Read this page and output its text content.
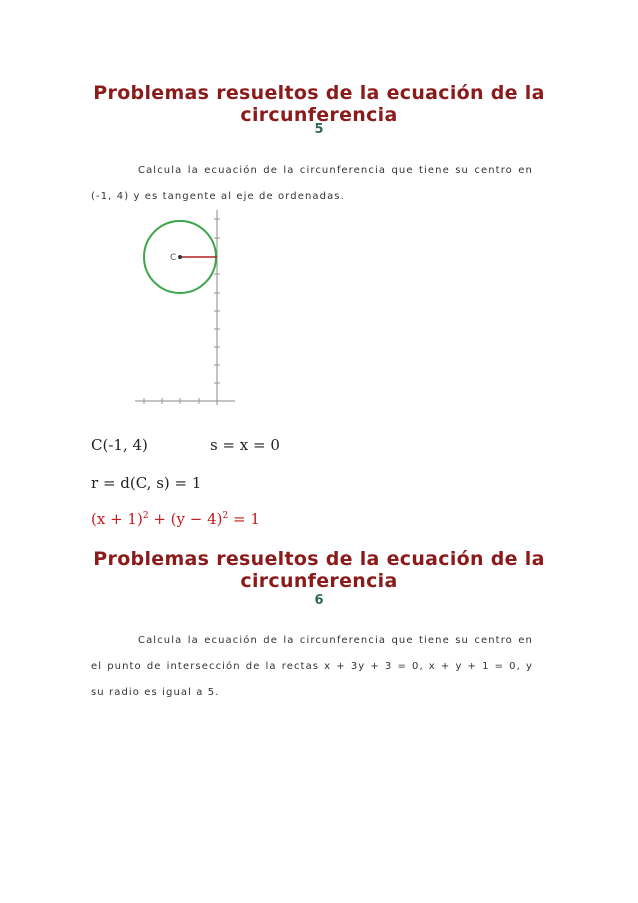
Problemas resueltos de la ecuación de la
circunferencia
5
Calcula la ecuación de la circunferencia que tiene su centro en (-1, 4) y es tangente al eje de ordenadas.
C
C(-1, 4)	s = x = 0
r = d(C, s) = 1
$(x + 1)^2 + (y - 4)^2 = 1$
Problemas resueltos de la ecuación de la
circunferencia
6
Calcula la ecuación de la circunferencia que tiene su centro en el punto de intersección de la rectas x + 3y + 3 = 0, x + y + 1 = 0, y su radio es igual a 5.
